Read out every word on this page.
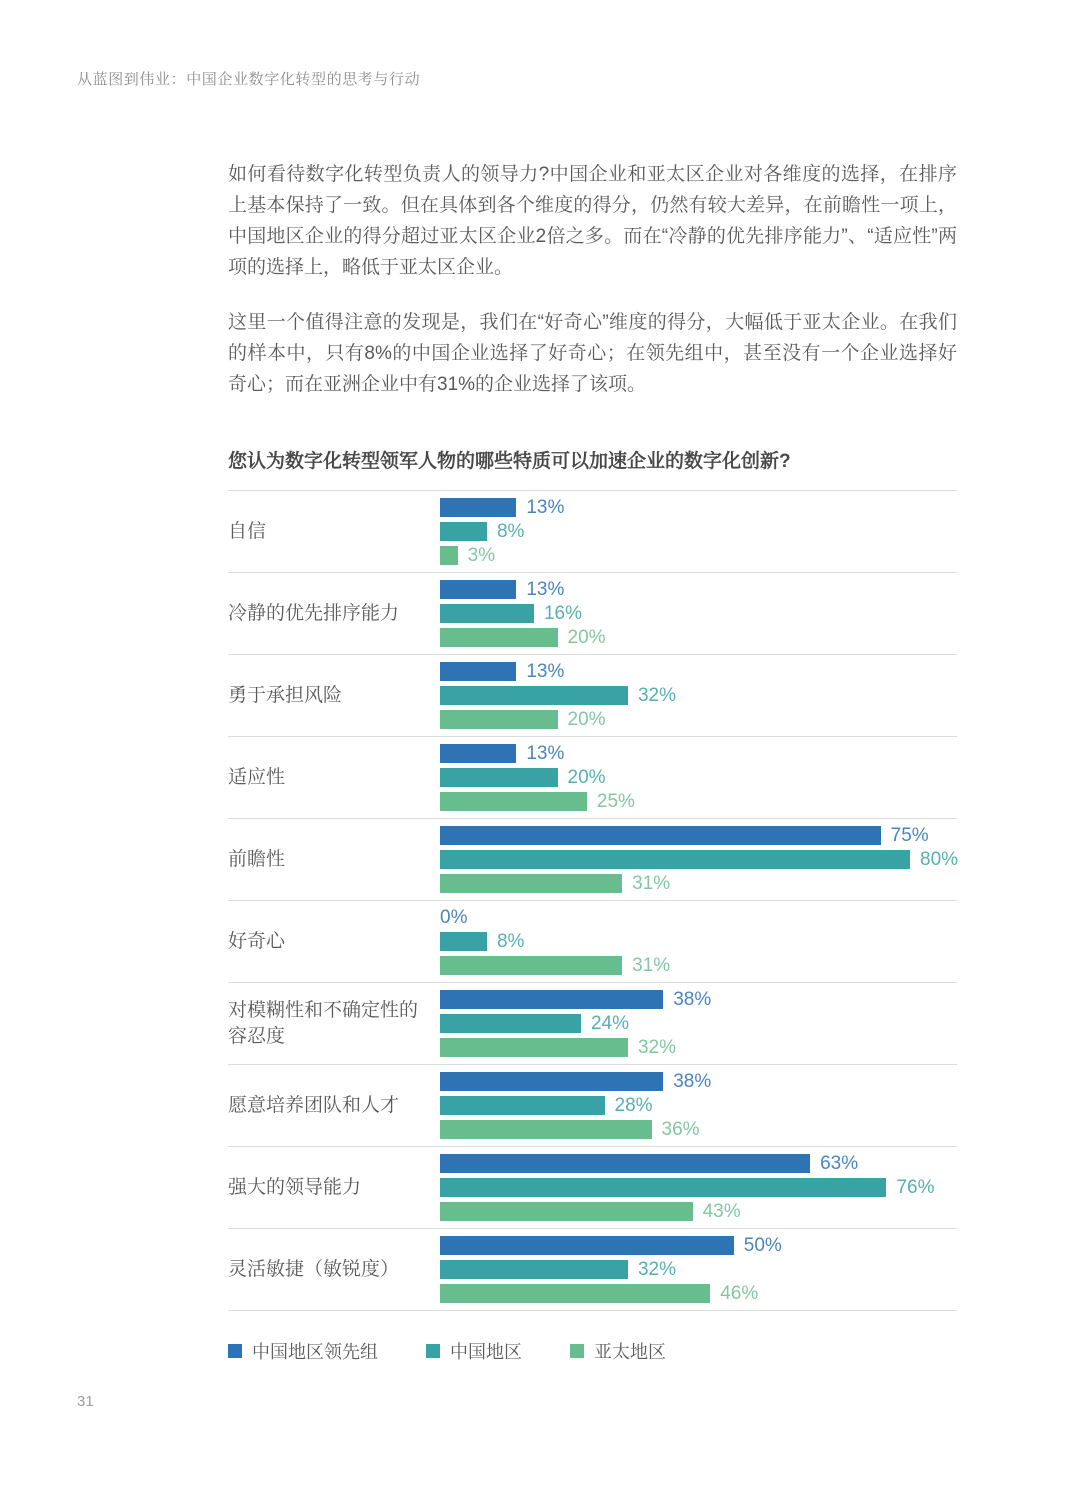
从蓝图到伟业：中国企业数字化转型的思考与行动

如何看待数字化转型负责人的领导力?中国企业和亚太区企业对各维度的选择，在排序上基本保持了一致。但在具体到各个维度的得分，仍然有较大差异，在前瞻性一项上，中国地区企业的得分超过亚太区企业2倍之多。而在“冷静的优先排序能力”、“适应性”两项的选择上，略低于亚太区企业。

这里一个值得注意的发现是，我们在“好奇心”维度的得分，大幅低于亚太企业。在我们的样本中，只有8%的中国企业选择了好奇心；在领先组中，甚至没有一个企业选择好奇心；而在亚洲企业中有31%的企业选择了该项。

您认为数字化转型领军人物的哪些特质可以加速企业的数字化创新?
自信
13%
8%
3%
冷静的优先排序能力
13%
16%
20%
勇于承担风险
13%
32%
20%
适应性
13%
20%
25%
前瞻性
75%
80%
31%
好奇心
0%
8%
31%
对模糊性和不确定性的容忍度
38%
24%
32%
愿意培养团队和人才
38%
28%
36%
强大的领导能力
63%
76%
43%
灵活敏捷（敏锐度）
50%
32%
46%
中国地区领先组	中国地区	亚太地区
31
